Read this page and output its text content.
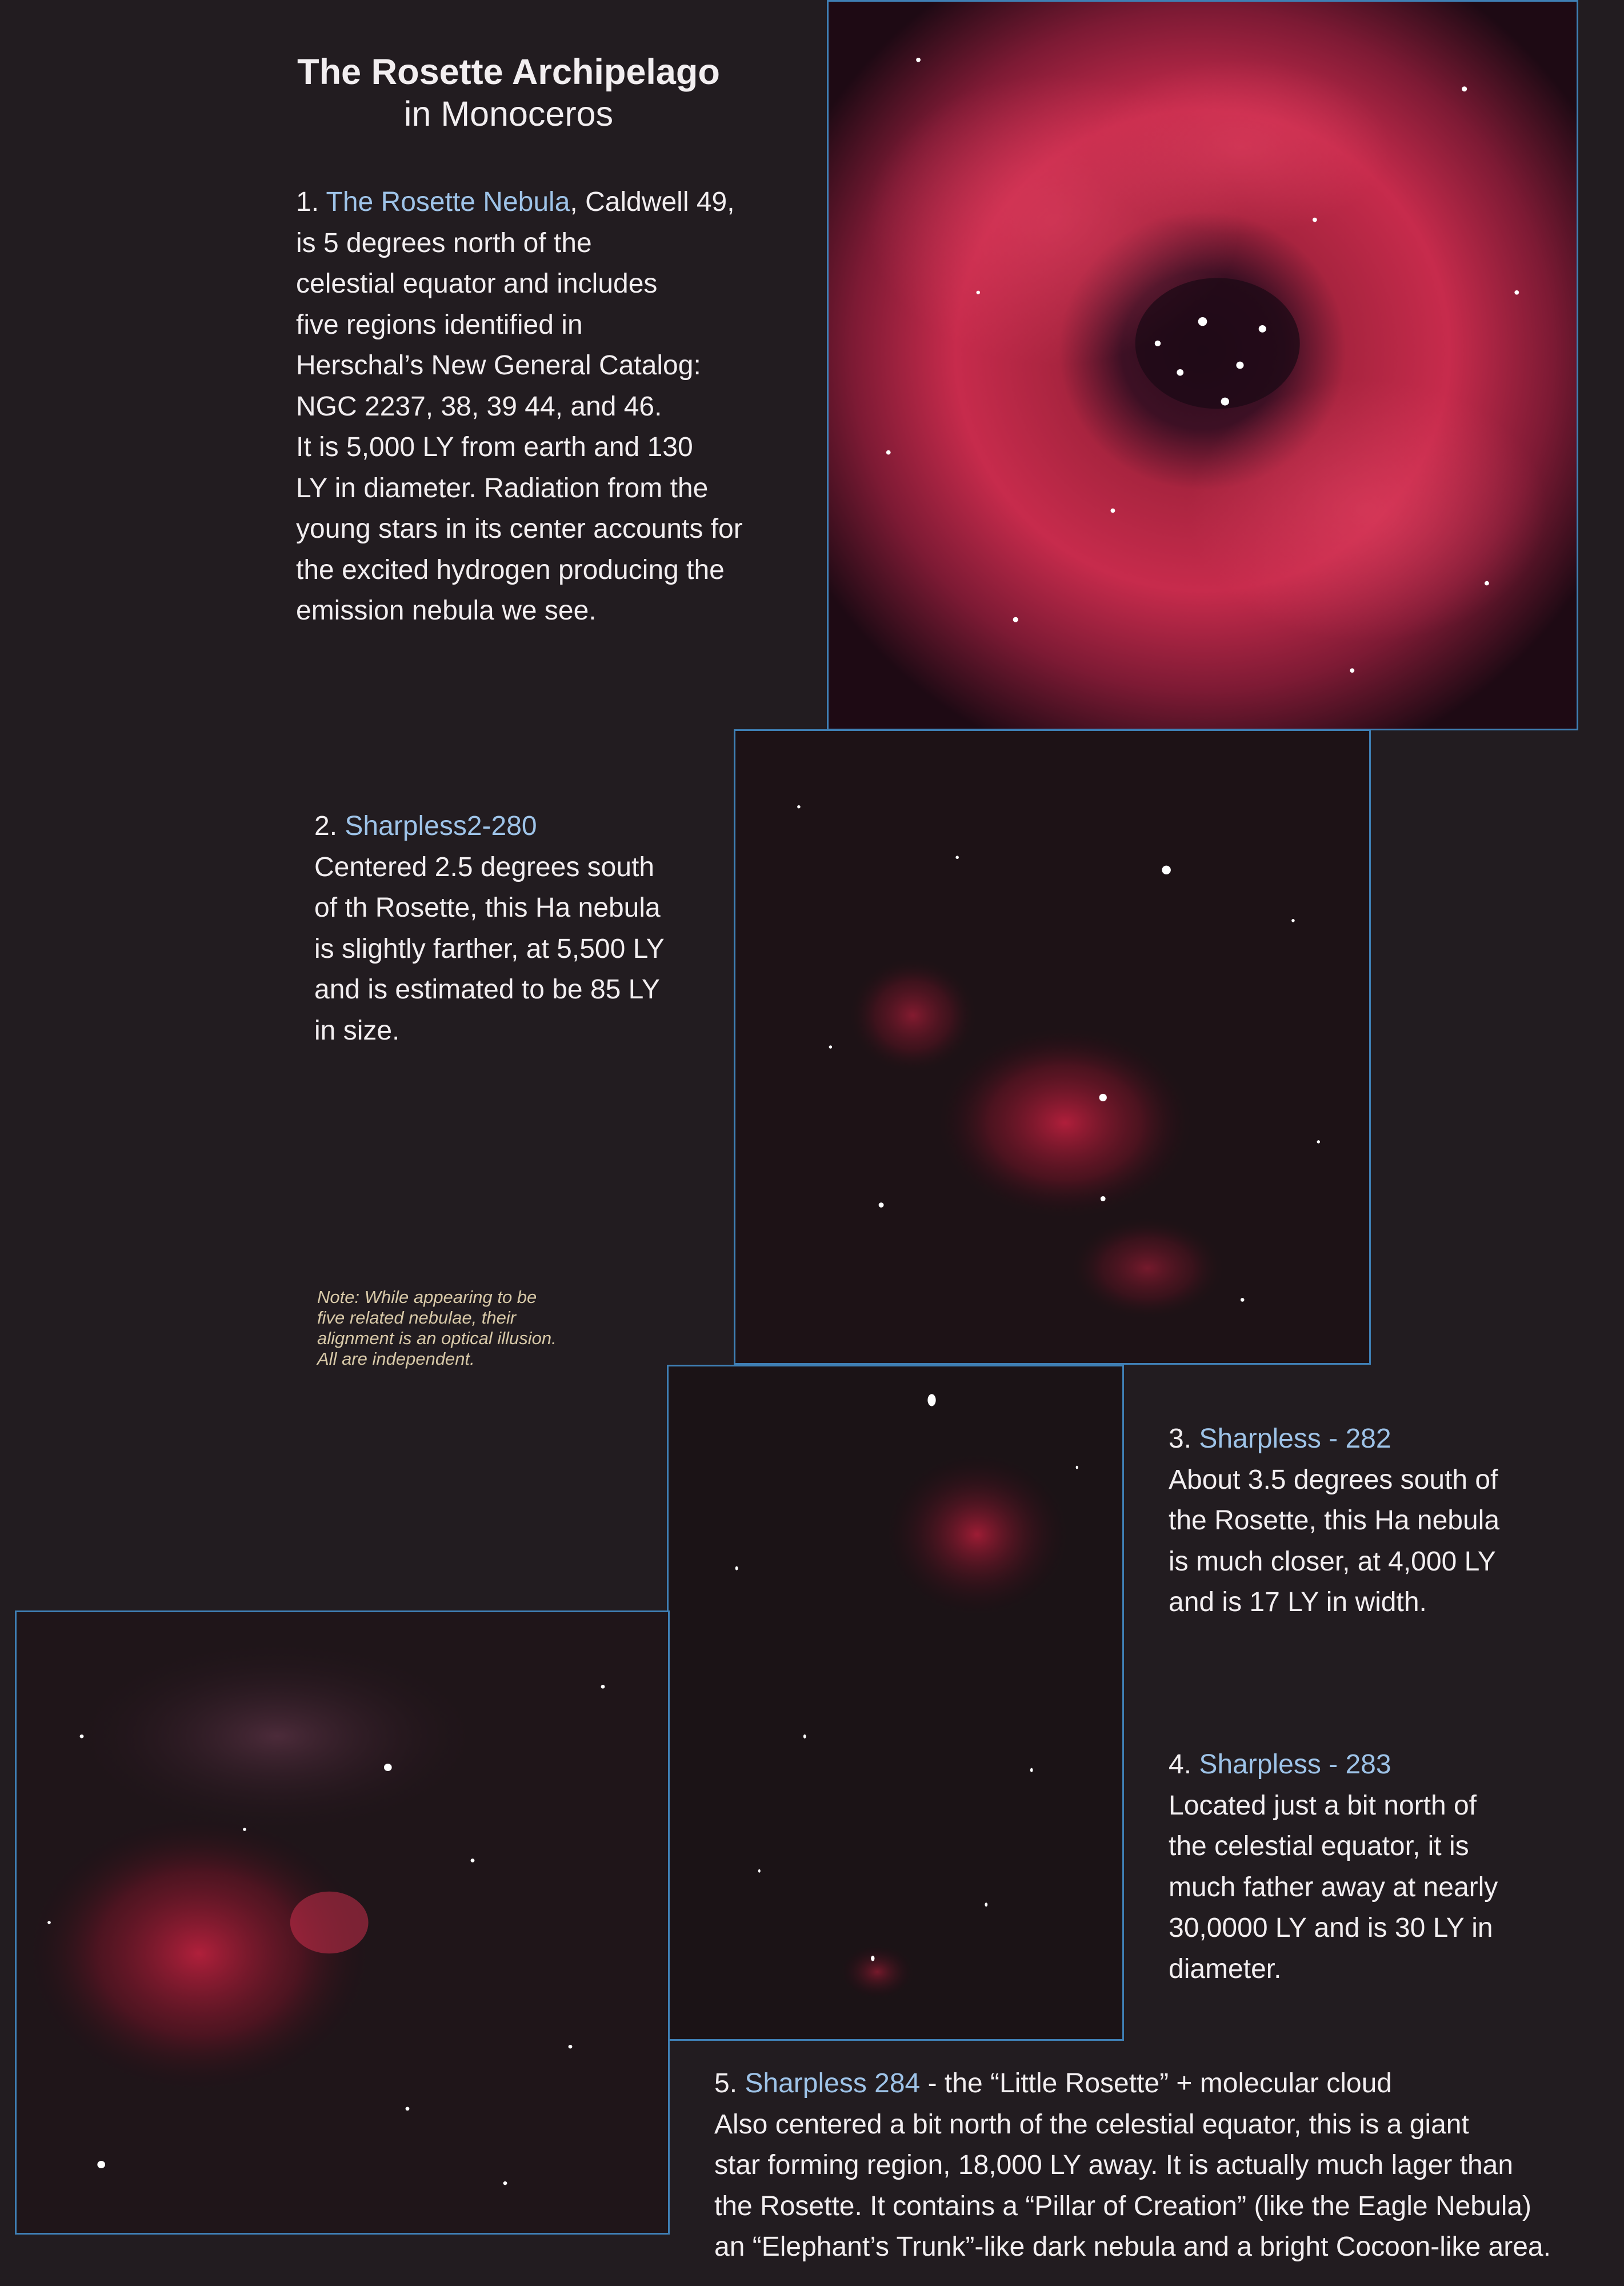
The Rosette Archipelago
in Monoceros
1. The Rosette Nebula, Caldwell 49,
is 5 degrees north of the
celestial equator and includes
five regions identified in
Herschal’s New General Catalog:
NGC 2237, 38, 39 44, and 46.
It is 5,000 LY from earth and 130
LY in diameter. Radiation from the
young stars in its center accounts for
the excited hydrogen producing the
emission nebula we see.
2. Sharpless2-280
Centered 2.5 degrees south
of th Rosette, this Ha nebula
is slightly farther, at 5,500 LY
and is estimated to be 85 LY
in size.
Note: While appearing to be
five related nebulae, their
alignment is an optical illusion.
All are independent.
3. Sharpless - 282
About 3.5 degrees south of
the Rosette, this Ha nebula
is much closer, at 4,000 LY
and is 17 LY in width.
4. Sharpless - 283
Located just a bit north of
the celestial equator, it is
much father away at nearly
30,0000 LY and is 30 LY in
diameter.
5. Sharpless 284 - the “Little Rosette” + molecular cloud
Also centered a bit north of the celestial equator, this is a giant
star forming region, 18,000 LY away. It is actually much lager than
the Rosette. It contains a “Pillar of Creation” (like the Eagle Nebula)
an “Elephant’s Trunk”-like dark nebula and a bright Cocoon-like area.
